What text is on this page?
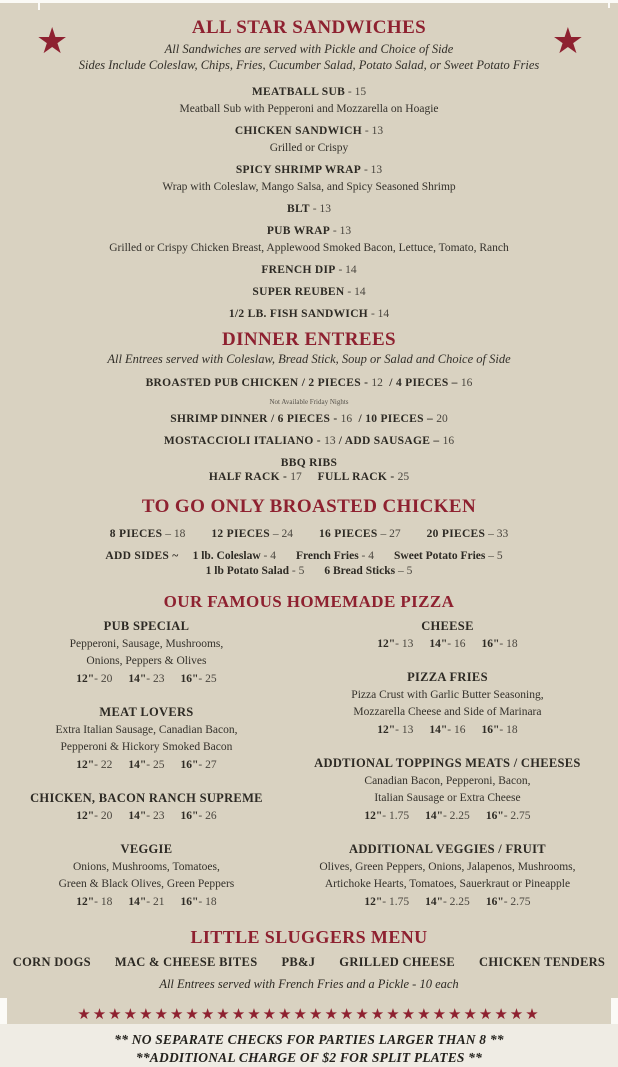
★	★
ALL STAR SANDWICHES
All Sandwiches are served with Pickle and Choice of Side
Sides Include Coleslaw, Chips, Fries, Cucumber Salad, Potato Salad, or Sweet Potato Fries
MEATBALL SUB - 15
Meatball Sub with Pepperoni and Mozzarella on Hoagie
CHICKEN SANDWICH - 13
Grilled or Crispy
SPICY SHRIMP WRAP - 13
Wrap with Coleslaw, Mango Salsa, and Spicy Seasoned Shrimp
BLT - 13
PUB WRAP - 13
Grilled or Crispy Chicken Breast, Applewood Smoked Bacon, Lettuce, Tomato, Ranch
FRENCH DIP - 14
SUPER REUBEN - 14
1/2 LB. FISH SANDWICH - 14
DINNER ENTREES
All Entrees served with Coleslaw, Bread Stick, Soup or Salad and Choice of Side
BROASTED PUB CHICKEN / 2 PIECES - 12  / 4 PIECES – 16
Not Available Friday Nights
SHRIMP DINNER / 6 PIECES - 16  / 10 PIECES – 20
MOSTACCIOLI ITALIANO - 13 / ADD SAUSAGE – 16
BBQ RIBS
HALF RACK - 17 FULL RACK - 25
TO GO ONLY BROASTED CHICKEN
8 PIECES – 18 12 PIECES – 24 16 PIECES – 27 20 PIECES – 33
ADD SIDES ~ 1 lb. Coleslaw - 4 French Fries - 4 Sweet Potato Fries – 5
1 lb Potato Salad - 5 6 Bread Sticks – 5
OUR FAMOUS HOMEMADE PIZZA
PUB SPECIAL
Pepperoni, Sausage, Mushrooms,
Onions, Peppers & Olives
12"- 20 14"- 23 16"- 25
MEAT LOVERS
Extra Italian Sausage, Canadian Bacon,
Pepperoni & Hickory Smoked Bacon
12"- 22 14"- 25 16"- 27
CHICKEN, BACON RANCH SUPREME
12"- 20 14"- 23 16"- 26
VEGGIE
Onions, Mushrooms, Tomatoes,
Green & Black Olives, Green Peppers
12"- 18 14"- 21 16"- 18
CHEESE
12"- 13 14"- 16 16"- 18
PIZZA FRIES
Pizza Crust with Garlic Butter Seasoning,
Mozzarella Cheese and Side of Marinara
12"- 13 14"- 16 16"- 18
ADDTIONAL TOPPINGS MEATS / CHEESES
Canadian Bacon, Pepperoni, Bacon,
Italian Sausage or Extra Cheese
12"- 1.75 14"- 2.25 16"- 2.75
ADDITIONAL VEGGIES / FRUIT
Olives, Green Peppers, Onions, Jalapenos, Mushrooms,
Artichoke Hearts, Tomatoes, Sauerkraut or Pineapple
12"- 1.75 14"- 2.25 16"- 2.75
LITTLE SLUGGERS MENU
CORN DOGS MAC & CHEESE BITES PB&J GRILLED CHEESE CHICKEN TENDERS
All Entrees served with French Fries and a Pickle - 10 each
★★★★★★★★★★★★★★★★★★★★★★★★★★★★★★
** NO SEPARATE CHECKS FOR PARTIES LARGER THAN 8 **
**ADDITIONAL CHARGE OF $2 FOR SPLIT PLATES **
